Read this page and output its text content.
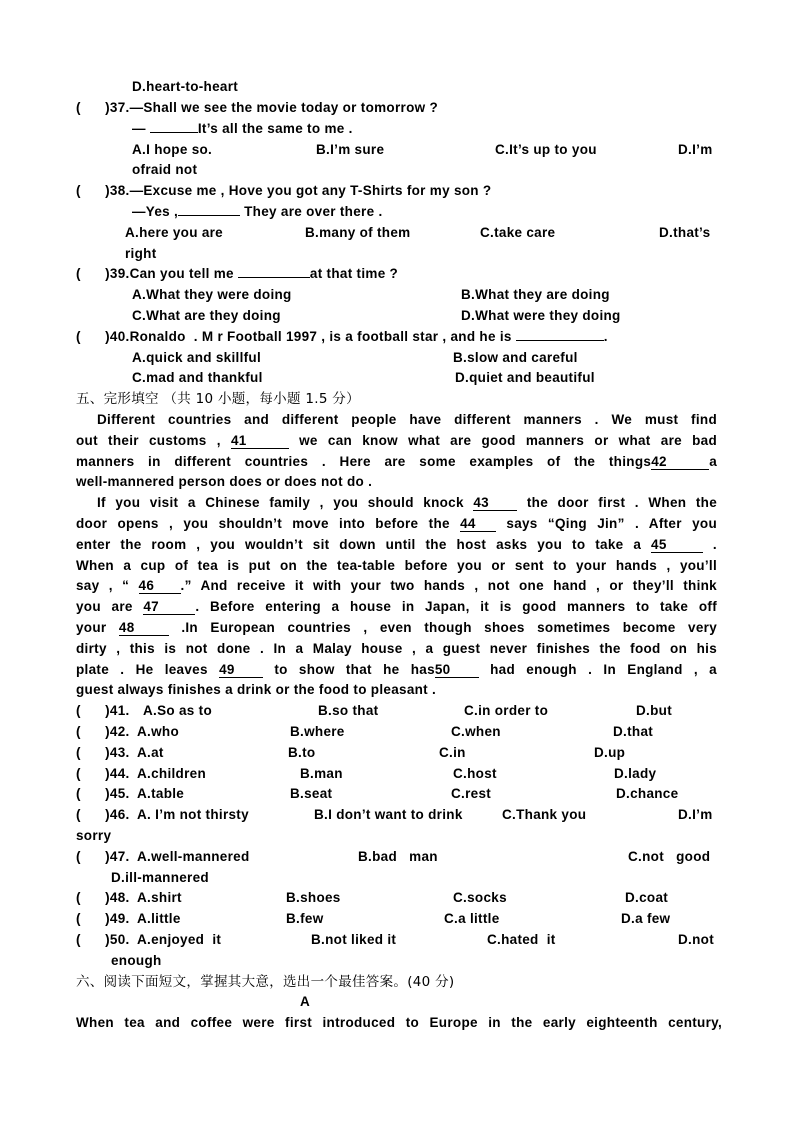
D.heart-to-heart
(      )37.—Shall we see the movie today or tomorrow ?
—	It’s all the same to me .
A.I hope so.	B.I’m sure	C.It’s up to you	D.I’m
ofraid not
(      )38.—Excuse me , Hove you got any T-Shirts for my son ?
—Yes ,	They are over there .
A.here you are	B.many of them	C.take care	D.that’s
right
(      )39.Can you tell me	at that time ?
A.What they were doing	B.What they are doing
C.What are they doing	D.What were they doing
(      )40.Ronaldo  . M r Football 1997 , is a football star , and he is	.
A.quick and skillful	B.slow and careful
C.mad and thankful	D.quiet and beautiful
五、完形填空 （共 10 小题，每小题 1.5 分）
Different countries and different people have different manners . We must find
out their customs , 41	we can know what are good manners or what are bad
manners in different countries . Here are some examples of the things42	a
well-mannered person does or does not do .
If you visit a Chinese family , you should knock 43 the door first . When the
door opens , you shouldn’t move into before the 44 says “Qing Jin” . After you
enter the room , you wouldn’t sit down until the host asks you to take a 45	.
When a cup of tea is put on the tea-table before you or sent to your hands , you’ll
say , “ 46 .” And receive it with your two hands , not one hand , or they’ll think
you are 47	. Before entering a house in Japan, it is good manners to take off
your 48	.In European countries , even though shoes sometimes become very
dirty , this is not done . In a Malay house , a guest never finishes the food on his
plate . He leaves 49 to show that he has50 had enough . In England , a
guest always finishes a drink or the food to pleasant .
(      )41. A.So as to	B.so that	C.in order to	D.but
(      )42. A.who	B.where	C.when	D.that
(      )43. A.at	B.to	C.in	D.up
(      )44. A.children	B.man	C.host	D.lady
(      )45. A.table	B.seat	C.rest	D.chance
(      )46. A. I’m not thirsty	B.I don’t want to drink	C.Thank you	D.I’m
sorry
(      )47. A.well-mannered	B.bad   man	C.not   good
D.ill-mannered
(      )48. A.shirt	B.shoes	C.socks	D.coat
(      )49. A.little	B.few	C.a little	D.a few
(      )50. A.enjoyed  it	B.not liked it	C.hated  it	D.not
enough
六、阅读下面短文，掌握其大意，选出一个最佳答案。(40 分)
A
When tea and coffee were first introduced to Europe in the early eighteenth century,
